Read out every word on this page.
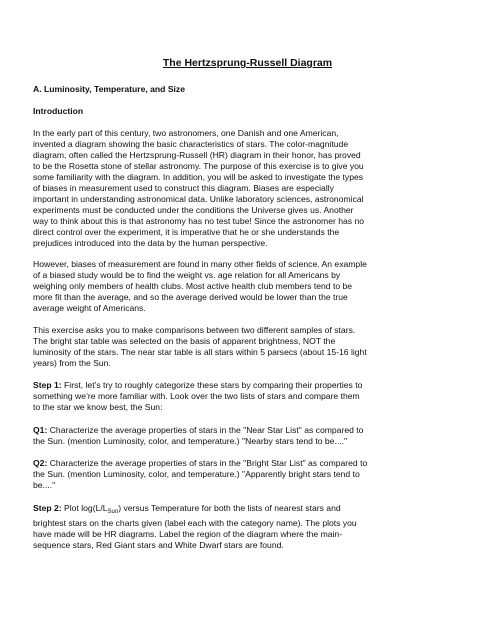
The Hertzsprung-Russell Diagram
A. Luminosity, Temperature, and Size
Introduction
In the early part of this century, two astronomers, one Danish and one American,
invented a diagram showing the basic characteristics of stars. The color-magnitude
diagram, often called the Hertzsprung-Russell (HR) diagram in their honor, has proved
to be the Rosetta stone of stellar astronomy. The purpose of this exercise is to give you
some familiarity with the diagram. In addition, you will be asked to investigate the types
of biases in measurement used to construct this diagram. Biases are especially
important in understanding astronomical data. Unlike laboratory sciences, astronomical
experiments must be conducted under the conditions the Universe gives us. Another
way to think about this is that astronomy has no test tube! Since the astronomer has no
direct control over the experiment, it is imperative that he or she understands the
prejudices introduced into the data by the human perspective.
However, biases of measurement are found in many other fields of science. An example
of a biased study would be to find the weight vs. age relation for all Americans by
weighing only members of health clubs. Most active health club members tend to be
more fit than the average, and so the average derived would be lower than the true
average weight of Americans.
This exercise asks you to make comparisons between two different samples of stars.
The bright star table was selected on the basis of apparent brightness, NOT the
luminosity of the stars. The near star table is all stars within 5 parsecs (about 15-16 light
years) from the Sun.
Step 1: First, let’s try to roughly categorize these stars by comparing their properties to
something we’re more familiar with. Look over the two lists of stars and compare them
to the star we know best, the Sun:
Q1: Characterize the average properties of stars in the "Near Star List" as compared to
the Sun. (mention Luminosity, color, and temperature.) "Nearby stars tend to be...."
Q2: Characterize the average properties of stars in the "Bright Star List" as compared to
the Sun. (mention Luminosity, color, and temperature.) "Apparently bright stars tend to
be...."
Step 2: Plot $\log(L/L_{Sun})$ versus Temperature for both the lists of nearest stars and
brightest stars on the charts given (label each with the category name). The plots you
have made will be HR diagrams. Label the region of the diagram where the main-
sequence stars, Red Giant stars and White Dwarf stars are found.
